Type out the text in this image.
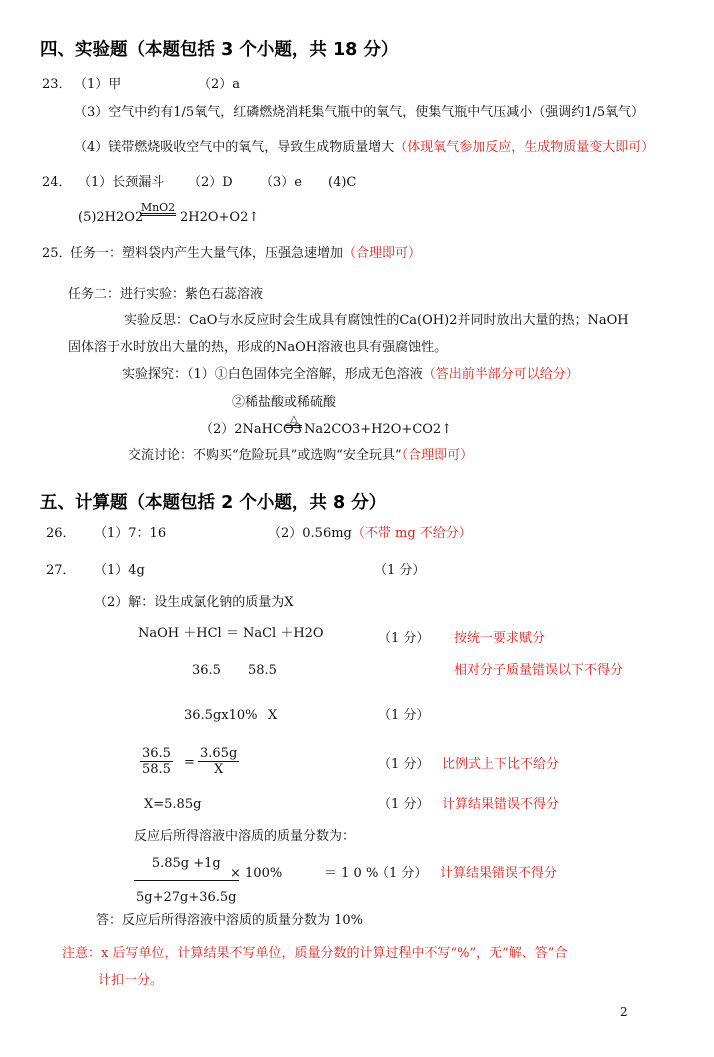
四、实验题（本题包括 3 个小题，共 18 分）
23． （1）甲	（2）a
（3）空气中约有1/5氧气，红磷燃烧消耗集气瓶中的氧气，使集气瓶中气压减小（强调约1/5氧气）
（4）镁带燃烧吸收空气中的氧气，导致生成物质量增大（体现氧气参加反应，生成物质量变大即可）
24． （1）长颈漏斗 （2）D （3）e (4)C
(5)2H2O2
MnO2
2H2O+O2↑
25．
任务一：塑料袋内产生大量气体，压强急速增加（合理即可）
任务二：进行实验：紫色石蕊溶液
实验反思：CaO与水反应时会生成具有腐蚀性的Ca(OH)2并同时放出大量的热；NaOH
固体溶于水时放出大量的热，形成的NaOH溶液也具有强腐蚀性。
实验探究：（1）①白色固体完全溶解，形成无色溶液（答出前半部分可以给分）
②稀盐酸或稀硫酸
（2）2NaHCO3
△
Na2CO3+H2O+CO2↑
交流讨论：不购买“危险玩具”或选购“安全玩具”（合理即可）
五、计算题（本题包括 2 个小题，共 8 分）
26． （1）7：16	（2）0.56mg（不带 mg 不给分）
27． （1）4g	（1 分）
（2）解：设生成氯化钠的质量为X
NaOH ＋HCl ＝ NaCl ＋H2O	（1 分） 按统一要求赋分
36.5 58.5	相对分子质量错误以下不得分
36.5gx10% X	（1 分）
$\frac{36.5}{58.5} = \frac{3.65g}{X}$	（1 分） 比例式上下比不给分
X=5.85g	（1 分） 计算结果错误不得分
反应后所得溶液中溶质的质量分数为：
$\frac{5.85g +1g}{5g+27g+36.5g}$
× 100%	＝ 1 0 %
（1 分） 计算结果错误不得分
答：反应后所得溶液中溶质的质量分数为 10%
注意：x 后写单位，计算结果不写单位，质量分数的计算过程中不写“%”，无“解、答”合
计扣一分。
2
